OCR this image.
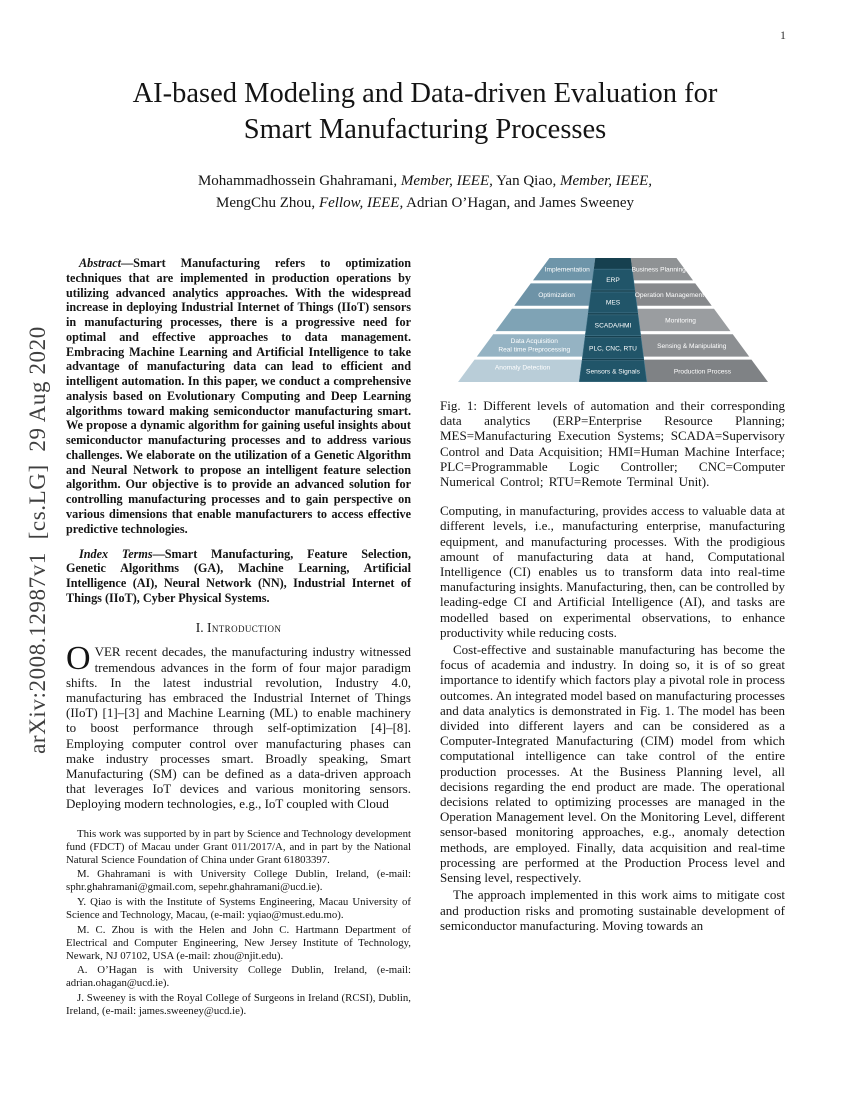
1
arXiv:2008.12987v1  [cs.LG]  29 Aug 2020
AI-based Modeling and Data-driven Evaluation for
Smart Manufacturing Processes
Mohammadhossein Ghahramani, Member, IEEE, Yan Qiao, Member, IEEE,
MengChu Zhou, Fellow, IEEE, Adrian O’Hagan, and James Sweeney

Abstract—Smart Manufacturing refers to optimization techniques that are implemented in production operations by utilizing advanced analytics approaches. With the widespread increase in deploying Industrial Internet of Things (IIoT) sensors in manufacturing processes, there is a progressive need for optimal and effective approaches to data management. Embracing Machine Learning and Artificial Intelligence to take advantage of manufacturing data can lead to efficient and intelligent automation. In this paper, we conduct a comprehensive analysis based on Evolutionary Computing and Deep Learning algorithms toward making semiconductor manufacturing smart. We propose a dynamic algorithm for gaining useful insights about semiconductor manufacturing processes and to address various challenges. We elaborate on the utilization of a Genetic Algorithm and Neural Network to propose an intelligent feature selection algorithm. Our objective is to provide an advanced solution for controlling manufacturing processes and to gain perspective on various dimensions that enable manufacturers to access effective predictive technologies.

Index Terms—Smart Manufacturing, Feature Selection, Genetic Algorithms (GA), Machine Learning, Artificial Intelligence (AI), Neural Network (NN), Industrial Internet of Things (IIoT), Cyber Physical Systems.

I. Introduction

OVER recent decades, the manufacturing industry witnessed tremendous advances in the form of four major paradigm shifts. In the latest industrial revolution, Industry 4.0, manufacturing has embraced the Industrial Internet of Things (IIoT) [1]–[3] and Machine Learning (ML) to enable machinery to boost performance through self-optimization [4]–[8]. Employing computer control over manufacturing phases can make industry processes smart. Broadly speaking, Smart Manufacturing (SM) can be defined as a data-driven approach that leverages IoT devices and various monitoring sensors. Deploying modern technologies, e.g., IoT coupled with Cloud

This work was supported by in part by Science and Technology development fund (FDCT) of Macau under Grant 011/2017/A, and in part by the National Natural Science Foundation of China under Grant 61803397.

M. Ghahramani is with University College Dublin, Ireland, (e-mail: sphr.ghahramani@gmail.com, sepehr.ghahramani@ucd.ie).

Y. Qiao is with the Institute of Systems Engineering, Macau University of Science and Technology, Macau, (e-mail: yqiao@must.edu.mo).

M. C. Zhou is with the Helen and John C. Hartmann Department of Electrical and Computer Engineering, New Jersey Institute of Technology, Newark, NJ 07102, USA (e-mail: zhou@njit.edu).

A. O’Hagan is with University College Dublin, Ireland, (e-mail: adrian.ohagan@ucd.ie).

J. Sweeney is with the Royal College of Surgeons in Ireland (RCSI), Dublin, Ireland, (e-mail: james.sweeney@ucd.ie).

Implementation
Optimization
Data Acquisition
Real time Preprocessing
Anomaly Detection
ERP
MES
SCADA/HMI
PLC, CNC, RTU
Sensors & Signals
Business Planning
Operation Management
Monitoring
Sensing & Manipulating
Production Process

Fig. 1: Different levels of automation and their corresponding data analytics (ERP=Enterprise Resource Planning; MES=Manufacturing Execution Systems; SCADA=Supervisory Control and Data Acquisition; HMI=Human Machine Interface; PLC=Programmable Logic Controller; CNC=Computer Numerical Control; RTU=Remote Terminal Unit).

Computing, in manufacturing, provides access to valuable data at different levels, i.e., manufacturing enterprise, manufacturing equipment, and manufacturing processes. With the prodigious amount of manufacturing data at hand, Computational Intelligence (CI) enables us to transform data into real-time manufacturing insights. Manufacturing, then, can be controlled by leading-edge CI and Artificial Intelligence (AI), and tasks are modelled based on experimental observations, to enhance productivity while reducing costs.

Cost-effective and sustainable manufacturing has become the focus of academia and industry. In doing so, it is of so great importance to identify which factors play a pivotal role in process outcomes. An integrated model based on manufacturing processes and data analytics is demonstrated in Fig. 1. The model has been divided into different layers and can be considered as a Computer-Integrated Manufacturing (CIM) model from which computational intelligence can take control of the entire production processes. At the Business Planning level, all decisions regarding the end product are made. The operational decisions related to optimizing processes are managed in the Operation Management level. On the Monitoring Level, different sensor-based monitoring approaches, e.g., anomaly detection methods, are employed. Finally, data acquisition and real-time processing are performed at the Production Process level and Sensing level, respectively.

The approach implemented in this work aims to mitigate cost and production risks and promoting sustainable development of semiconductor manufacturing. Moving towards an
